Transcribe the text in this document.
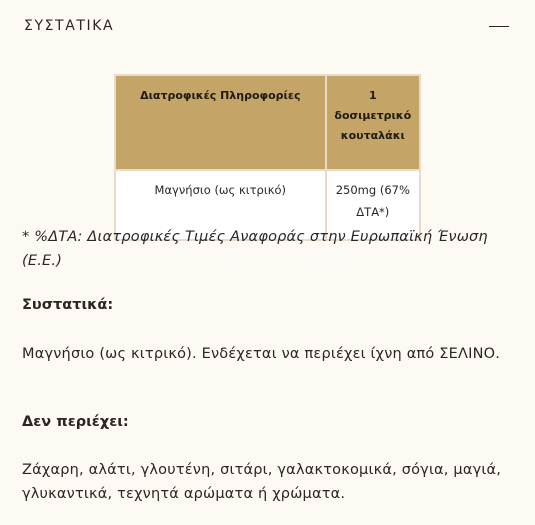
ΣΥΣΤΑΤΙΚΑ
Διατροφικές Πληροφορίες	1 δοσιμετρικό κουταλάκι
Μαγνήσιο (ως κιτρικό)	250mg (67% ΔΤΑ*)
* %ΔΤΑ: Διατροφικές Τιμές Αναφοράς στην Ευρωπαϊκή Ένωση (Ε.Ε.)
Συστατικά:
Μαγνήσιο (ως κιτρικό). Ενδέχεται να περιέχει ίχνη από ΣΕΛΙΝΟ.
Δεν περιέχει:
Ζάχαρη, αλάτι, γλουτένη, σιτάρι, γαλακτοκομικά, σόγια, μαγιά, γλυκαντικά, τεχνητά αρώματα ή χρώματα.
